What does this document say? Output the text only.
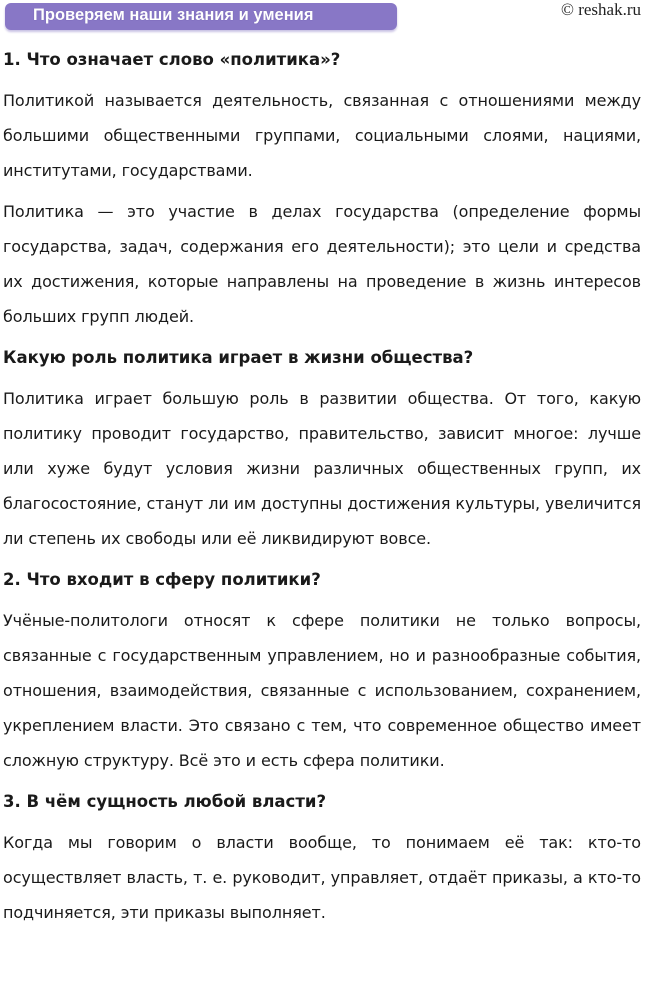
Проверяем наши знания и умения	© reshak.ru
1. Что означает слово «политика»?

Политикой называется деятельность, связанная с отношениями между большими общественными группами, социальными слоями, нациями, институтами, государствами.

Политика — это участие в делах государства (определение формы государства, задач, содержания его деятельности); это цели и средства их достижения, которые направлены на проведение в жизнь интересов больших групп людей.

Какую роль политика играет в жизни общества?

Политика играет большую роль в развитии общества. От того, какую политику проводит государство, правительство, зависит многое: лучше или хуже будут условия жизни различных общественных групп, их благосостояние, станут ли им доступны достижения культуры, увеличится ли степень их свободы или её ликвидируют вовсе.

2. Что входит в сферу политики?

Учёные-политологи относят к сфере политики не только вопросы, связанные с государственным управлением, но и разнообразные события, отношения, взаимодействия, связанные с использованием, сохранением, укреплением власти. Это связано с тем, что современное общество имеет сложную структуру. Всё это и есть сфера политики.

3. В чём сущность любой власти?

Когда мы говорим о власти вообще, то понимаем её так: кто-то осуществляет власть, т. е. руководит, управляет, отдаёт приказы, а кто-то подчиняется, эти приказы выполняет.
